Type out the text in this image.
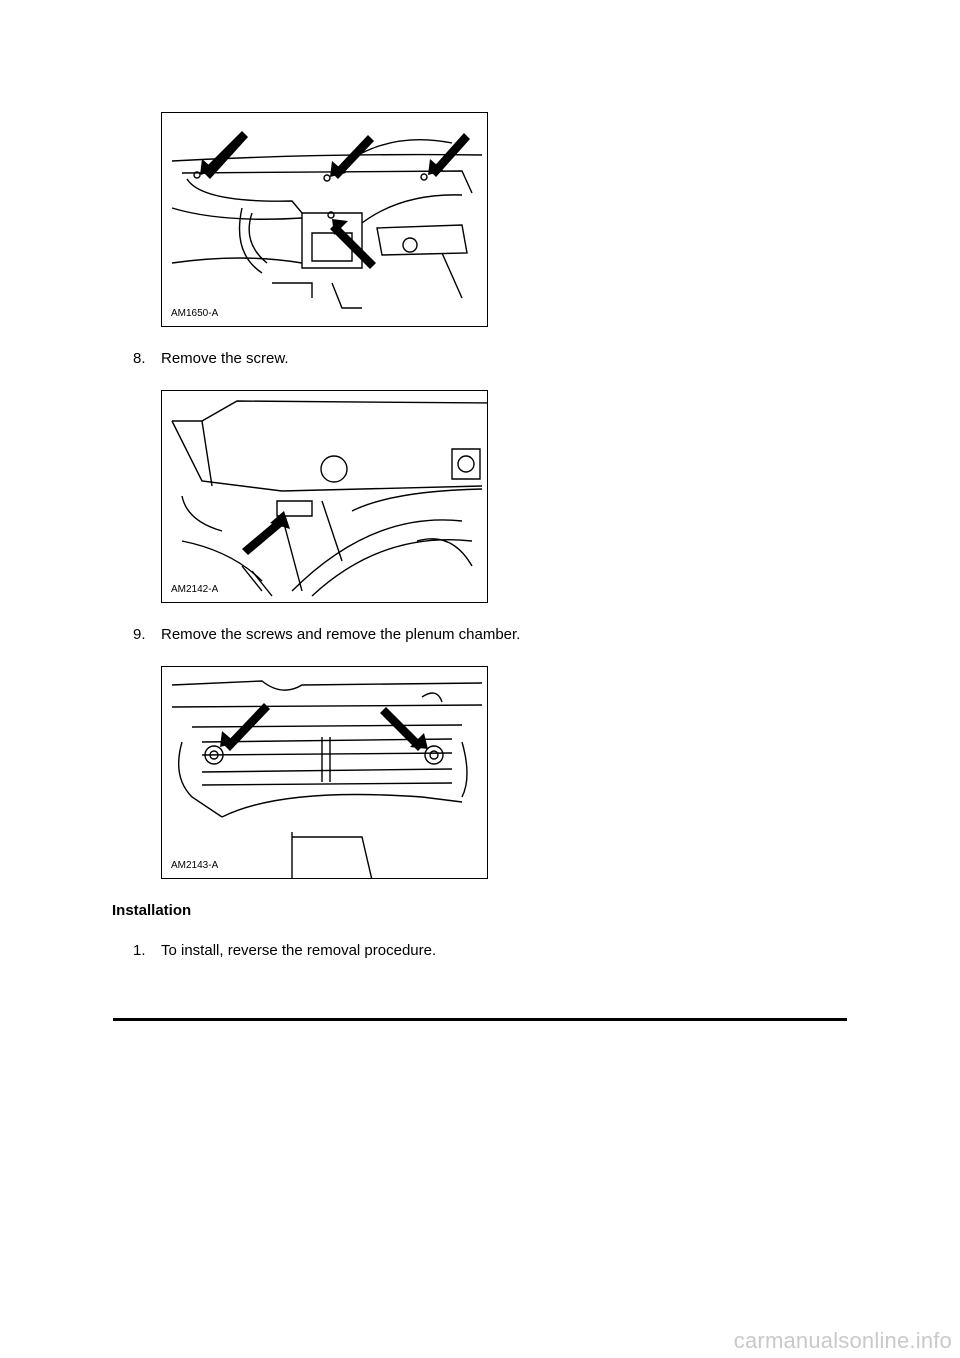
AM1650-A
8. Remove the screw.
AM2142-A
9. Remove the screws and remove the plenum chamber.
AM2143-A
Installation
1. To install, reverse the removal procedure.
carmanualsonline.info
